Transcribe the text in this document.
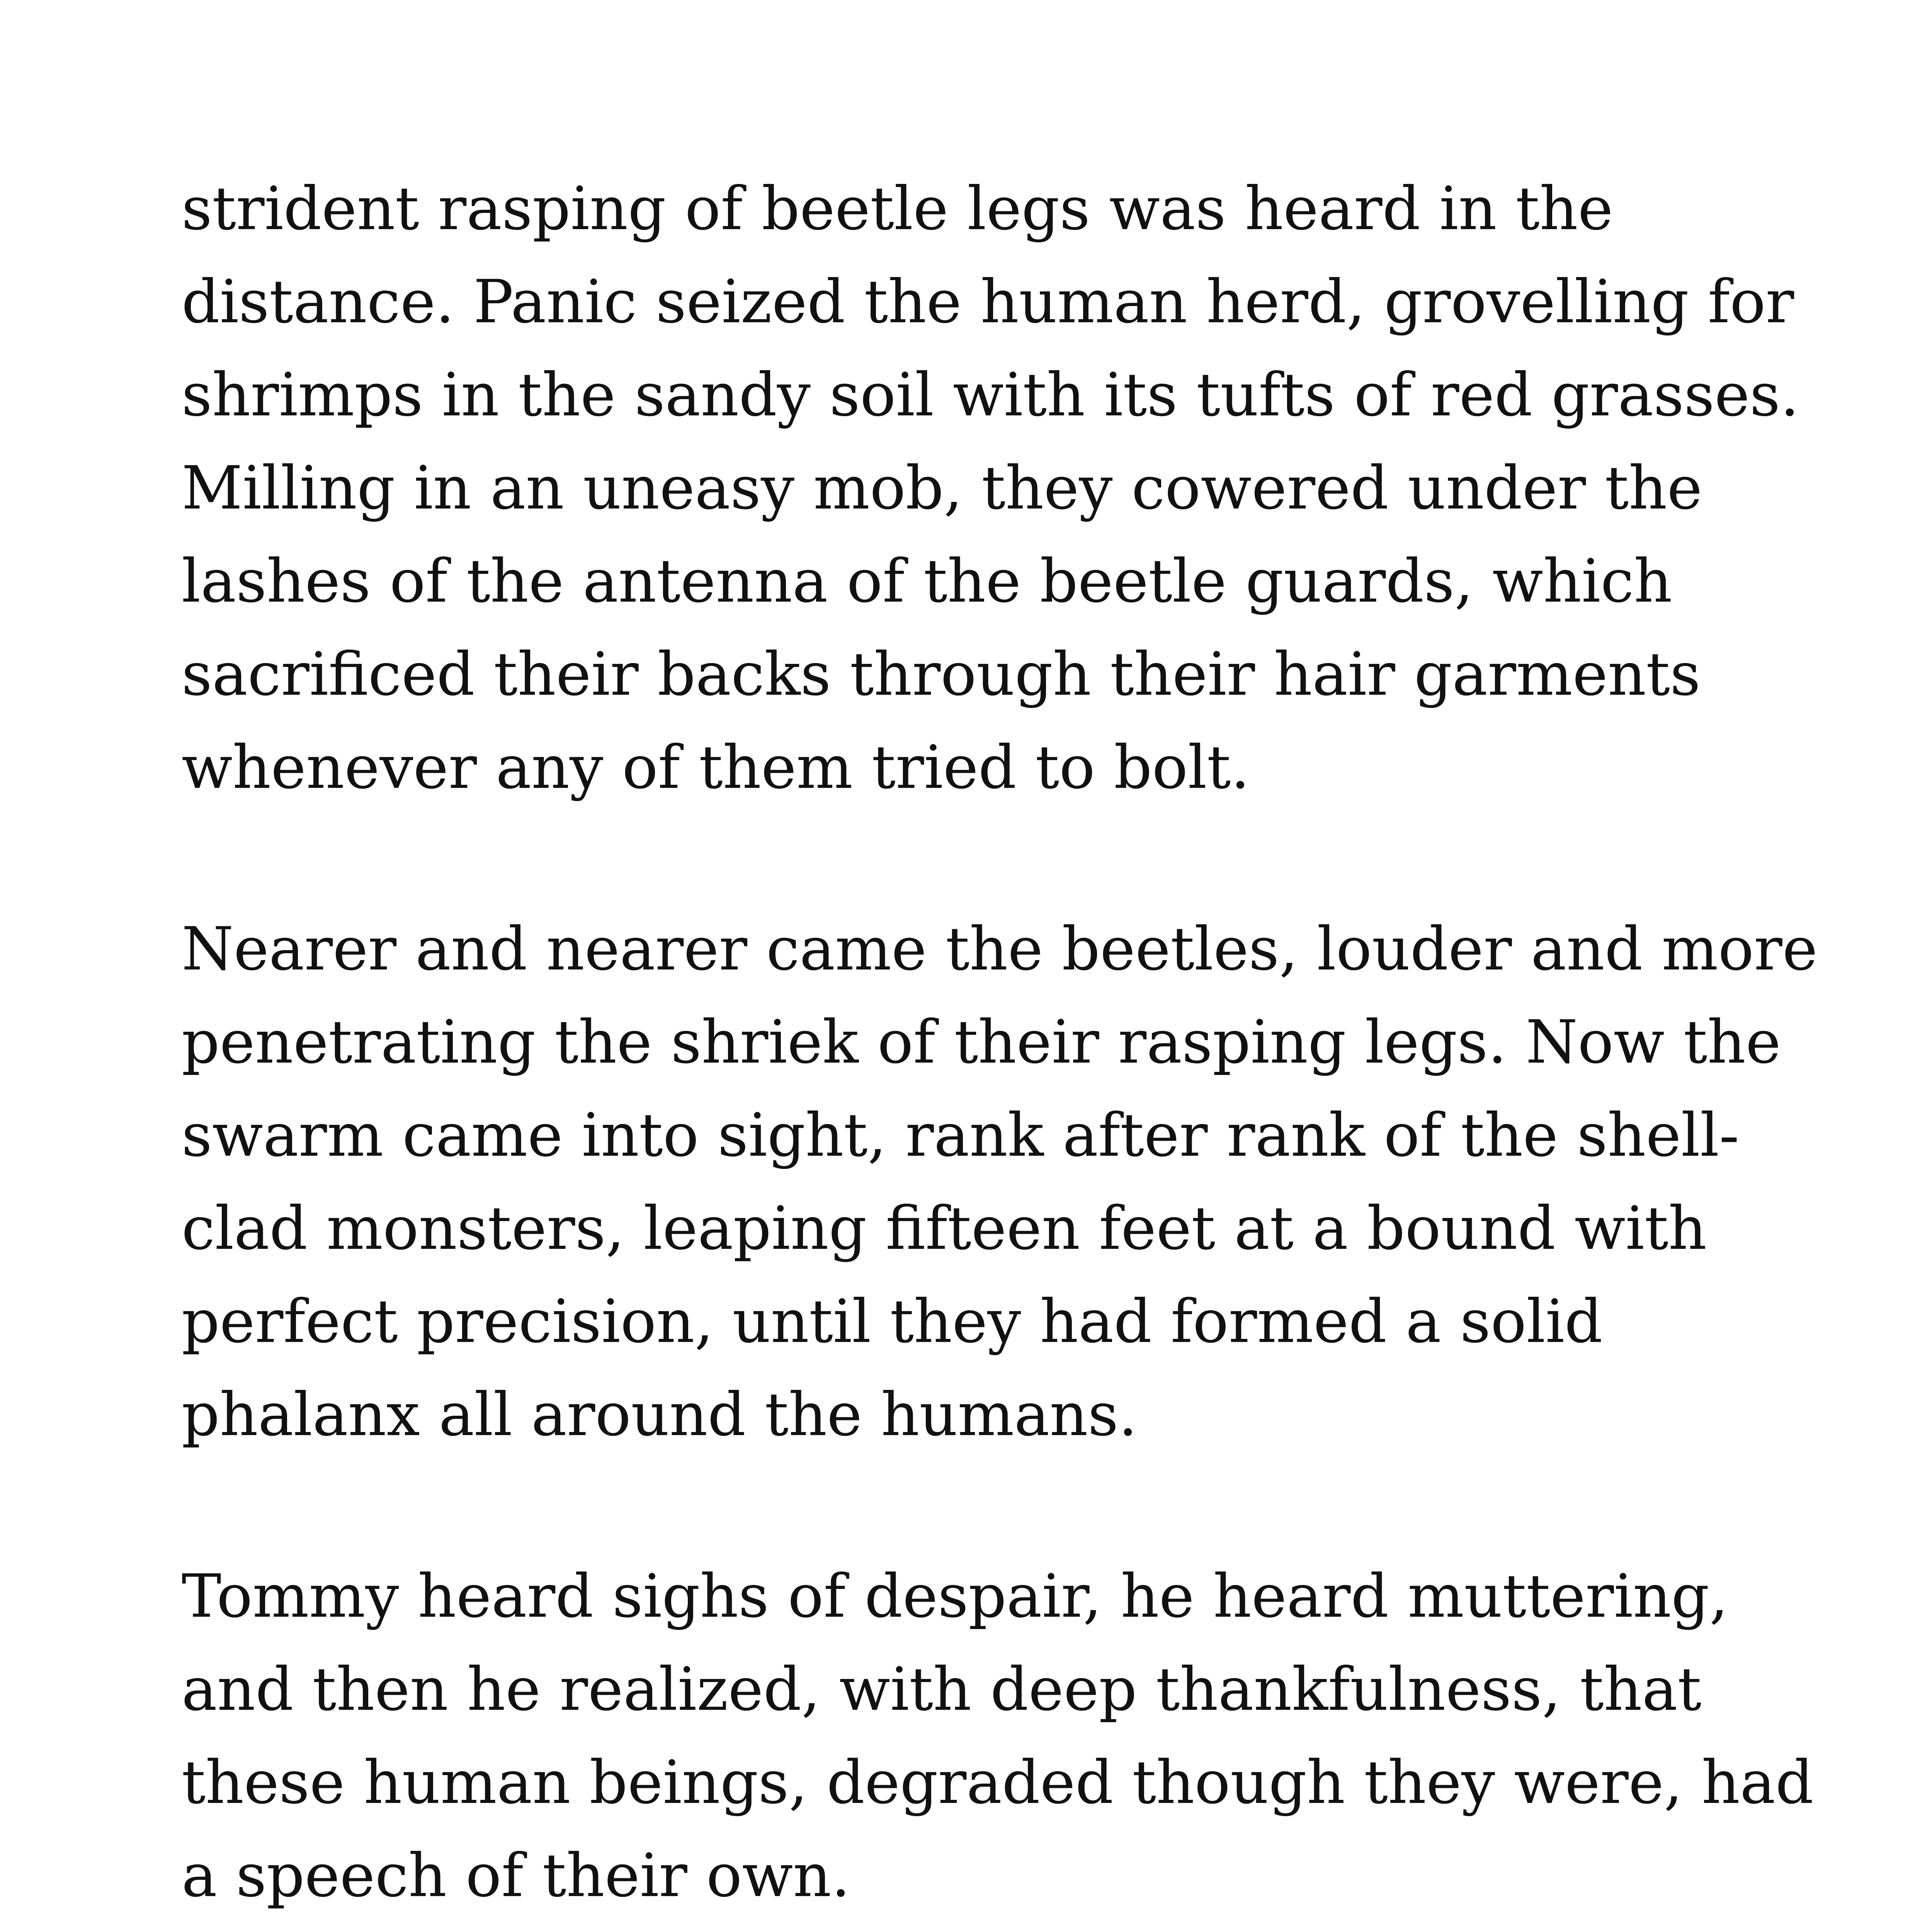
strident rasping of beetle legs was heard in the
distance. Panic seized the human herd, grovelling for
shrimps in the sandy soil with its tufts of red grasses.
Milling in an uneasy mob, they cowered under the
lashes of the antenna of the beetle guards, which
sacrificed their backs through their hair garments
whenever any of them tried to bolt.

Nearer and nearer came the beetles, louder and more
penetrating the shriek of their rasping legs. Now the
swarm came into sight, rank after rank of the shell-
clad monsters, leaping fifteen feet at a bound with
perfect precision, until they had formed a solid
phalanx all around the humans.

Tommy heard sighs of despair, he heard muttering,
and then he realized, with deep thankfulness, that
these human beings, degraded though they were, had
a speech of their own.
